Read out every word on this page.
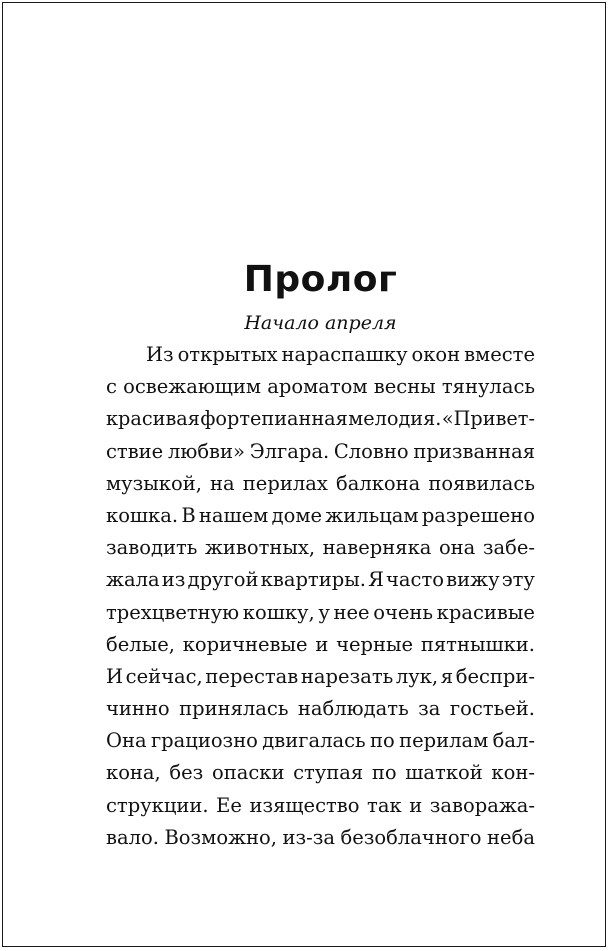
Пролог

Начало апреля

Из открытых нараспашку окон вместе
с освежающим ароматом весны тянулась
красивая фортепианная мелодия. «Привет-
ствие любви» Элгара. Словно призванная
музыкой, на перилах балкона появилась
кошка. В нашем доме жильцам разрешено
заводить животных, наверняка она забе-
жала из другой квартиры. Я часто вижу эту
трехцветную кошку, у нее очень красивые
белые, коричневые и черные пятнышки.
И сейчас, перестав нарезать лук, я беспри-
чинно принялась наблюдать за гостьей.
Она грациозно двигалась по перилам бал-
кона, без опаски ступая по шаткой кон-
струкции. Ее изящество так и завоража-
вало. Возможно, из-за безоблачного неба
